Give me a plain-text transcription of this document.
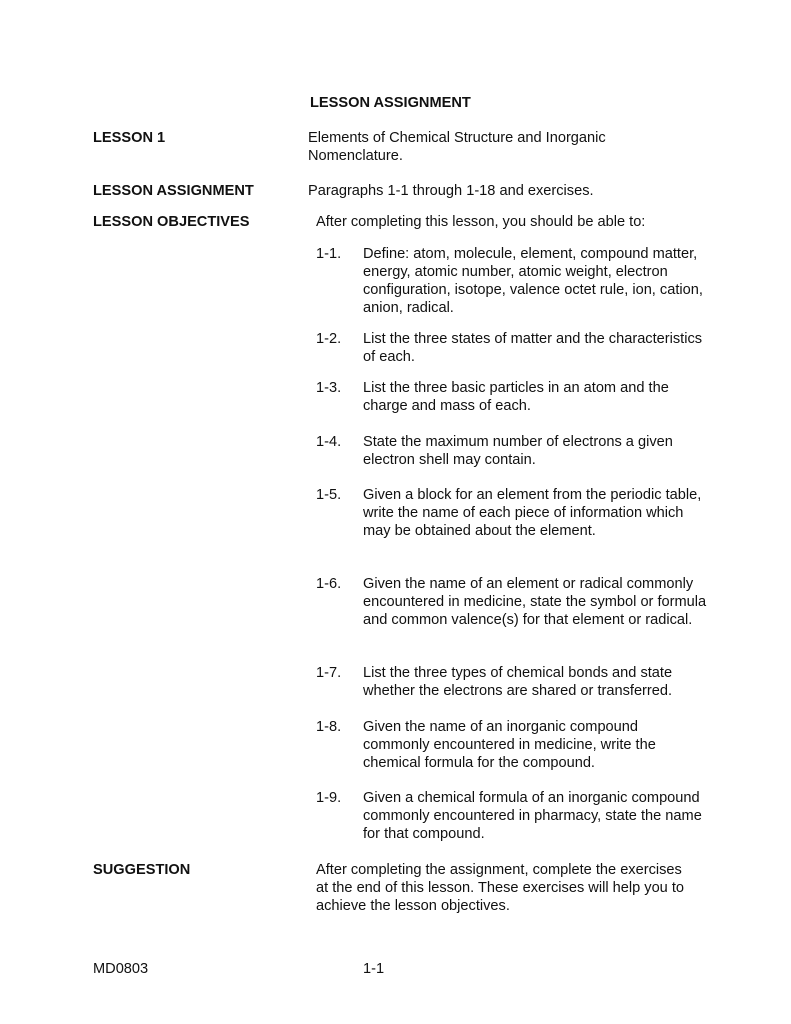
LESSON ASSIGNMENT
LESSON 1	Elements of Chemical Structure and Inorganic Nomenclature.
LESSON ASSIGNMENT	Paragraphs 1-1 through 1-18 and exercises.
LESSON OBJECTIVES	After completing this lesson, you should be able to:
1-1.	Define: atom, molecule, element, compound matter, energy, atomic number, atomic weight, electron configuration, isotope, valence octet rule, ion, cation, anion, radical.
1-2.	List the three states of matter and the characteristics of each.
1-3.	List the three basic particles in an atom and the charge and mass of each.
1-4.	State the maximum number of electrons a given electron shell may contain.
1-5.	Given a block for an element from the periodic table, write the name of each piece of information which may be obtained about the element.
1-6.	Given the name of an element or radical commonly encountered in medicine, state the symbol or formula and common valence(s) for that element or radical.
1-7.	List the three types of chemical bonds and state whether the electrons are shared or transferred.
1-8.	Given the name of an inorganic compound commonly encountered in medicine, write the chemical formula for the compound.
1-9.	Given a chemical formula of an inorganic compound commonly encountered in pharmacy, state the name for that compound.
SUGGESTION	After completing the assignment, complete the exercises at the end of this lesson. These exercises will help you to achieve the lesson objectives.
MD0803	1-1
